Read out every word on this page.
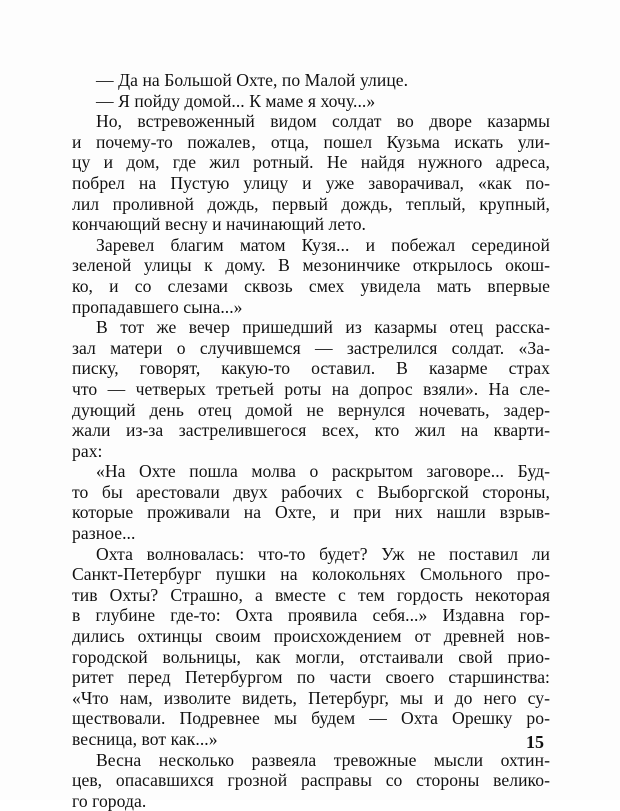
— Да на Большой Охте, по Малой улице.
— Я пойду домой... К маме я хочу...»
Но, встревоженный видом солдат во дворе казармы
и почему-то пожалев‚ отца, пошел Кузьма искать ули-
цу и дом, где жил ротный. Не найдя нужного адреса,
побрел на Пустую улицу и уже заворачивал, «как по-
лил проливной дождь, первый дождь, теплый, крупный,
кончающий весну и начинающий лето.
Заревел благим матом Кузя... и побежал серединой
зеленой улицы к дому. В мезонинчике открылось окош-
ко, и со слезами сквозь смех увидела мать впервые
пропадавшего сына...»
В тот же вечер пришедший из казармы отец расска-
зал матери о случившемся — застрелился солдат. «За-
писку, говорят, какую-то оставил. В казарме страх
что — четверых третьей роты на допрос взяли». На сле-
дующий день отец домой не вернулся ночевать, задер-
жали из-за застрелившегося всех, кто жил на кварти-
рах:
«На Охте пошла молва о раскрытом заговоре... Буд-
то бы арестовали двух рабочих с Выборгской стороны,
которые проживали на Охте, и при них нашли взрыв-
разное...
Охта волновалась: что-то будет? Уж не поставил ли
Санкт-Петербург пушки на колокольнях Смольного про-
тив Охты? Страшно, а вместе с тем гордость некоторая
в глубине где-то: Охта проявила себя...» Издавна гор-
дились охтинцы своим происхождением от древней нов-
городской вольницы, как могли, отстаивали свой прио-
ритет перед Петербургом по части своего старшинства:
«Что нам, изволите видеть, Петербург, мы и до него су-
ществовали. Подревнее мы будем — Охта Орешку ро-
весница, вот как...»
Весна несколько развеяла тревожные мысли охтин-
цев, опасавшихся грозной расправы со стороны велико-
го города.
15
